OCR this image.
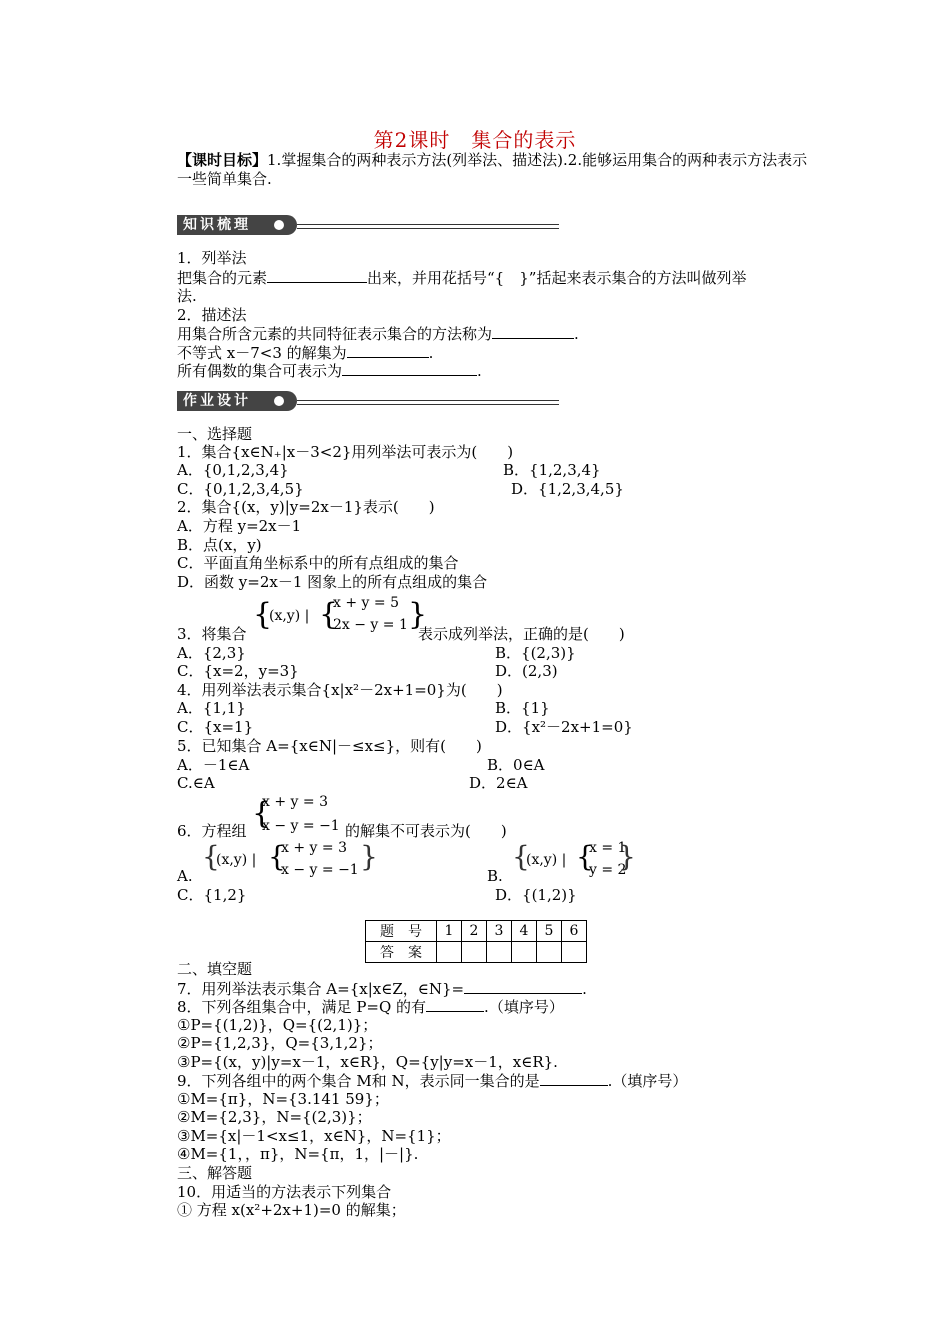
第2课时　集合的表示
【课时目标】1.掌握集合的两种表示方法(列举法、描述法).2.能够运用集合的两种表示方法表示一些简单集合.
知识梳理
1．列举法
把集合的元素	出来，并用花括号“{　}”括起来表示集合的方法叫做列举
法.
2．描述法
用集合所含元素的共同特征表示集合的方法称为	.
不等式 x－7<3 的解集为	.
所有偶数的集合可表示为	.
作业设计
一、选择题
1．集合{x∈N₊|x－3<2}用列举法可表示为(　　)
A．{0,1,2,3,4}	B．{1,2,3,4}
C．{0,1,2,3,4,5}	D．{1,2,3,4,5}
2．集合{(x，y)|y=2x－1}表示(　　)
A．方程 y=2x－1
B．点(x，y)
C．平面直角坐标系中的所有点组成的集合
D．函数 y=2x－1 图象上的所有点组成的集合
3．将集合
{
(x,y) | {
x + y = 5
2x − y = 1 }
表示成列举法，正确的是(　　)
A．{2,3}	B．{(2,3)}
C．{x=2，y=3}	D．(2,3)
4．用列举法表示集合{x|x²－2x+1=0}为(　　)
A．{1,1}	B．{1}
C．{x=1}	D．{x²－2x+1=0}
5．已知集合 A={x∈N|－≤x≤}，则有(　　)
A．－1∈A	B．0∈A
C.∈A	D．2∈A
6．方程组 {
x + y = 3
x − y = −1 的解集不可表示为(　　)
A.
{
(x,y) | {
x + y = 3
x − y = −1 }
B.
{
(x,y) | {
x = 1
y = 2
}
C．{1,2}	D．{(1,2)}
题　号	1	2	3	4	5	6
答　案						
二、填空题
7．用列举法表示集合 A={x|x∈Z，∈N}=	.
8．下列各组集合中，满足 P=Q 的有	.（填序号）
①P={(1,2)}，Q={(2,1)}；
②P={1,2,3}，Q={3,1,2}；
③P={(x，y)|y=x－1，x∈R}，Q={y|y=x－1，x∈R}.
9．下列各组中的两个集合 M和 N，表示同一集合的是	.（填序号）
①M={π}，N={3.141 59}；
②M={2,3}，N={(2,3)}；
③M={x|－1<x≤1，x∈N}，N={1}；
④M={1，，π}，N={π，1，|－|}.
三、解答题
10．用适当的方法表示下列集合
① 方程 x(x²+2x+1)=0 的解集；
